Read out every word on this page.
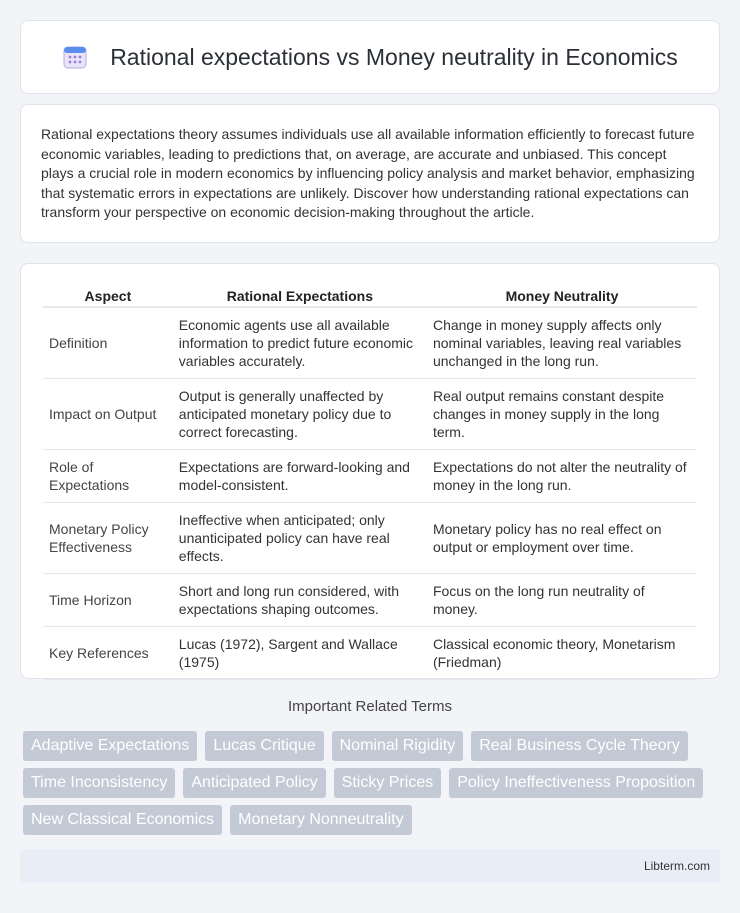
Rational expectations vs Money neutrality in Economics

Rational expectations theory assumes individuals use all available information efficiently to forecast future economic variables, leading to predictions that, on average, are accurate and unbiased. This concept plays a crucial role in modern economics by influencing policy analysis and market behavior, emphasizing that systematic errors in expectations are unlikely. Discover how understanding rational expectations can transform your perspective on economic decision-making throughout the article.

Aspect	Rational Expectations	Money Neutrality
Definition	Economic agents use all available information to predict future economic variables accurately.	Change in money supply affects only nominal variables, leaving real variables unchanged in the long run.
Impact on Output	Output is generally unaffected by anticipated monetary policy due to correct forecasting.	Real output remains constant despite changes in money supply in the long term.
Role of Expectations	Expectations are forward-looking and model-consistent.	Expectations do not alter the neutrality of money in the long run.
Monetary Policy Effectiveness	Ineffective when anticipated; only unanticipated policy can have real effects.	Monetary policy has no real effect on output or employment over time.
Time Horizon	Short and long run considered, with expectations shaping outcomes.	Focus on the long run neutrality of money.
Key References	Lucas (1972), Sargent and Wallace (1975)	Classical economic theory, Monetarism (Friedman)
Important Related Terms
Adaptive Expectations	Lucas Critique	Nominal Rigidity	Real Business Cycle Theory
Time Inconsistency	Anticipated Policy	Sticky Prices	Policy Ineffectiveness Proposition
New Classical Economics	Monetary Nonneutrality
Libterm.com
